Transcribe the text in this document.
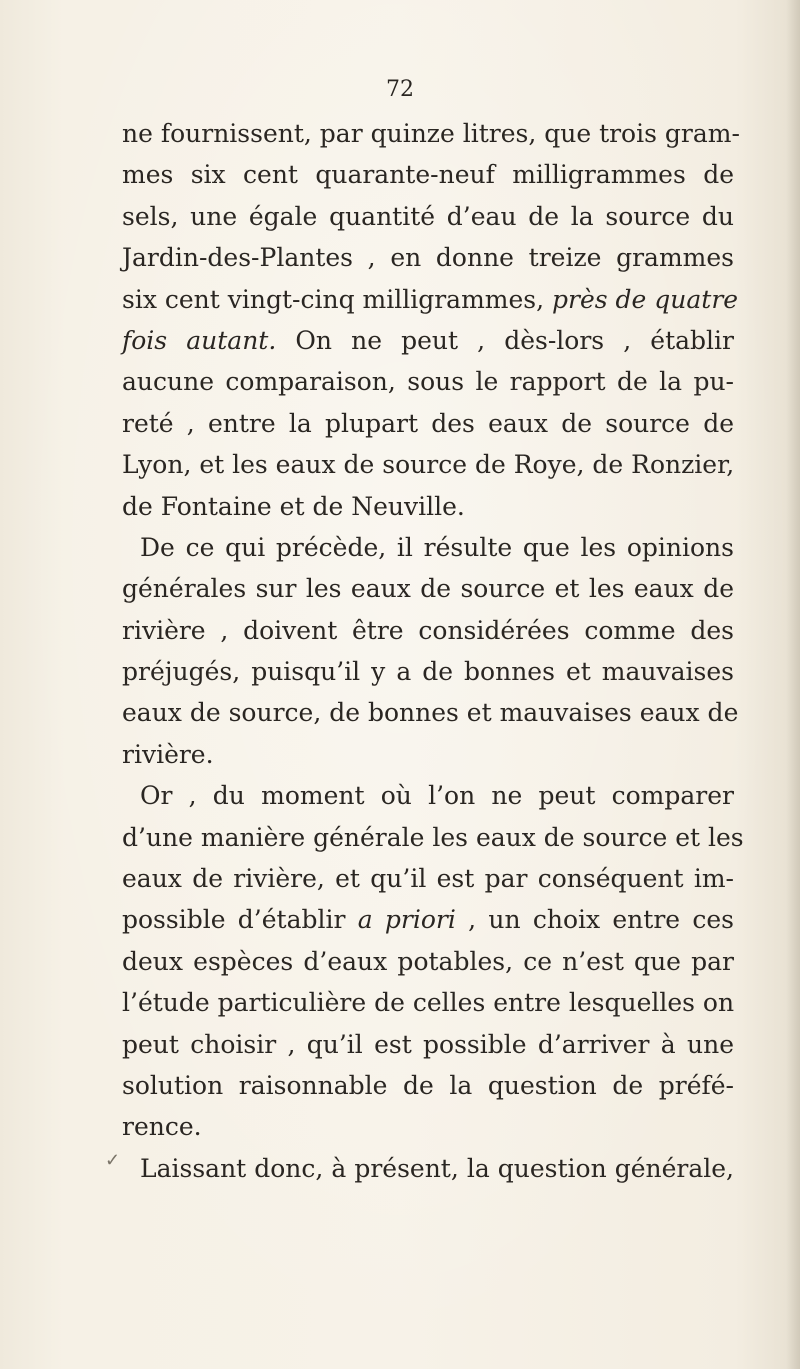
72
ne fournissent, par quinze litres, que trois gram-
mes six cent quarante-neuf milligrammes de
sels, une égale quantité d’eau de la source du
Jardin-des-Plantes , en donne treize grammes
six cent vingt-cinq milligrammes, près de quatre
fois autant. On ne peut , dès-lors , établir
aucune comparaison, sous le rapport de la pu-
reté , entre la plupart des eaux de source de
Lyon, et les eaux de source de Roye, de Ronzier,
de Fontaine et de Neuville.
De ce qui précède, il résulte que les opinions
générales sur les eaux de source et les eaux de
rivière , doivent être considérées comme des
préjugés, puisqu’il y a de bonnes et mauvaises
eaux de source, de bonnes et mauvaises eaux de
rivière.
Or , du moment où l’on ne peut comparer
d’une manière générale les eaux de source et les
eaux de rivière, et qu’il est par conséquent im-
possible d’établir a priori , un choix entre ces
deux espèces d’eaux potables, ce n’est que par
l’étude particulière de celles entre lesquelles on
peut choisir , qu’il est possible d’arriver à une
solution raisonnable de la question de préfé-
rence.
Laissant donc, à présent, la question générale,
✓
